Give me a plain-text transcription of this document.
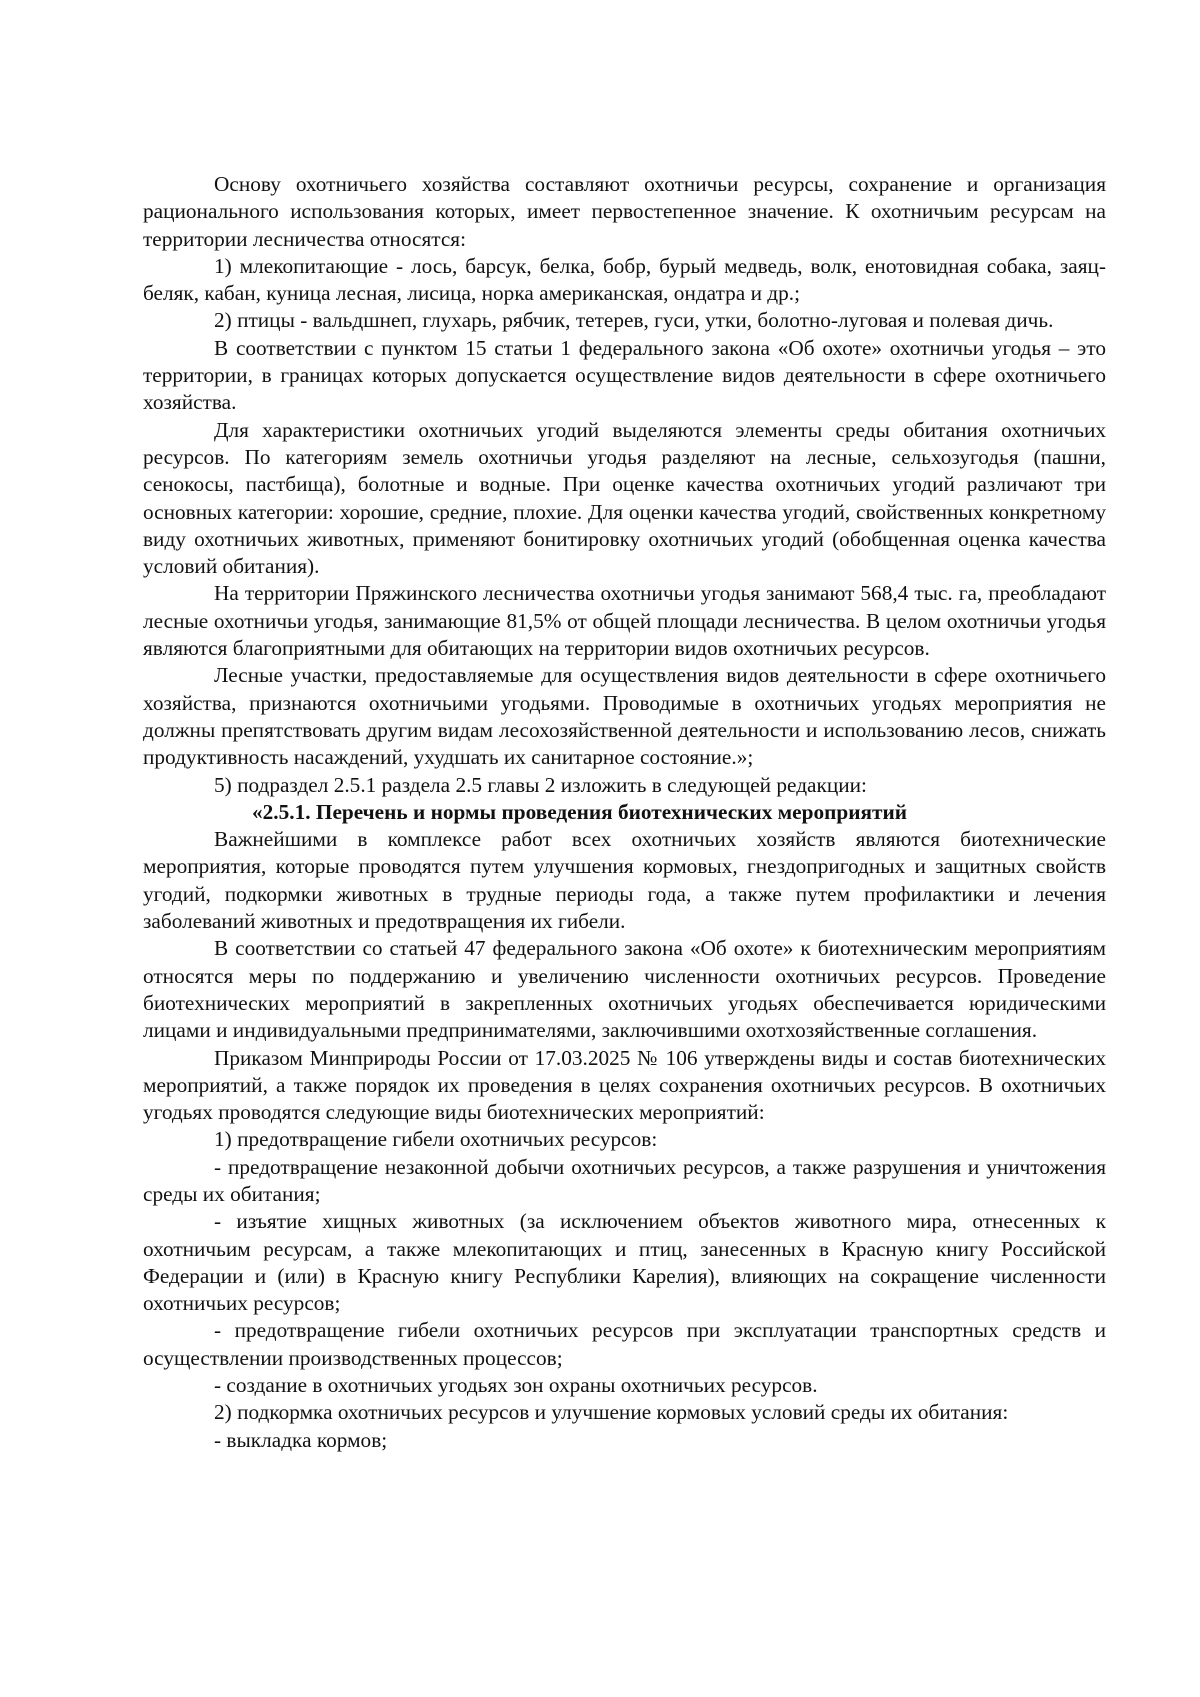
Основу охотничьего хозяйства составляют охотничьи ресурсы, сохранение и организация рационального использования которых, имеет первостепенное значение. К охотничьим ресурсам на территории лесничества относятся:

1) млекопитающие - лось, барсук, белка, бобр, бурый медведь, волк, енотовидная собака, заяц-беляк, кабан, куница лесная, лисица, норка американская, ондатра и др.;

2) птицы - вальдшнеп, глухарь, рябчик, тетерев, гуси, утки, болотно-луговая и полевая дичь.

В соответствии с пунктом 15 статьи 1 федерального закона «Об охоте» охотничьи угодья – это территории, в границах которых допускается осуществление видов деятельности в сфере охотничьего хозяйства.

Для характеристики охотничьих угодий выделяются элементы среды обитания охотничьих ресурсов. По категориям земель охотничьи угодья разделяют на лесные, сельхозугодья (пашни, сенокосы, пастбища), болотные и водные. При оценке качества охотничьих угодий различают три основных категории: хорошие, средние, плохие. Для оценки качества угодий, свойственных конкретному виду охотничьих животных, применяют бонитировку охотничьих угодий (обобщенная оценка качества условий обитания).

На территории Пряжинского лесничества охотничьи угодья занимают 568,4 тыс. га, преобладают лесные охотничьи угодья, занимающие 81,5% от общей площади лесничества. В целом охотничьи угодья являются благоприятными для обитающих на территории видов охотничьих ресурсов.

Лесные участки, предоставляемые для осуществления видов деятельности в сфере охотничьего хозяйства, признаются охотничьими угодьями. Проводимые в охотничьих угодьях мероприятия не должны препятствовать другим видам лесохозяйственной деятельности и использованию лесов, снижать продуктивность насаждений, ухудшать их санитарное состояние.»;

5) подраздел 2.5.1 раздела 2.5 главы 2 изложить в следующей редакции:

«2.5.1. Перечень и нормы проведения биотехнических мероприятий

Важнейшими в комплексе работ всех охотничьих хозяйств являются биотехнические мероприятия, которые проводятся путем улучшения кормовых, гнездопригодных и защитных свойств угодий, подкормки животных в трудные периоды года, а также путем профилактики и лечения заболеваний животных и предотвращения их гибели.

В соответствии со статьей 47 федерального закона «Об охоте» к биотехническим мероприятиям относятся меры по поддержанию и увеличению численности охотничьих ресурсов. Проведение биотехнических мероприятий в закрепленных охотничьих угодьях обеспечивается юридическими лицами и индивидуальными предпринимателями, заключившими охотхозяйственные соглашения.

Приказом Минприроды России от 17.03.2025 № 106 утверждены виды и состав биотехнических мероприятий, а также порядок их проведения в целях сохранения охотничьих ресурсов. В охотничьих угодьях проводятся следующие виды биотехнических мероприятий:

1) предотвращение гибели охотничьих ресурсов:

- предотвращение незаконной добычи охотничьих ресурсов, а также разрушения и уничтожения среды их обитания;

- изъятие хищных животных (за исключением объектов животного мира, отнесенных к охотничьим ресурсам, а также млекопитающих и птиц, занесенных в Красную книгу Российской Федерации и (или) в Красную книгу Республики Карелия), влияющих на сокращение численности охотничьих ресурсов;

- предотвращение гибели охотничьих ресурсов при эксплуатации транспортных средств и осуществлении производственных процессов;

- создание в охотничьих угодьях зон охраны охотничьих ресурсов.

2) подкормка охотничьих ресурсов и улучшение кормовых условий среды их обитания:

- выкладка кормов;
